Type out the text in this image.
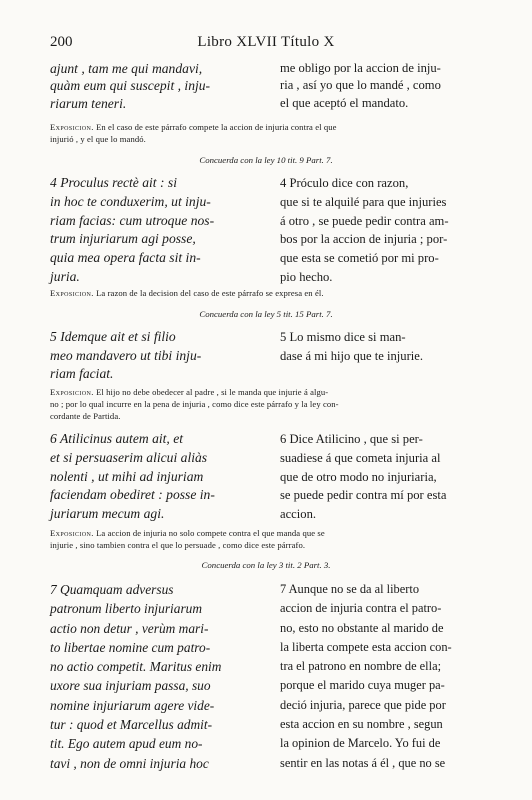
200	Libro XLVII Título X
ajunt , tam me qui mandavi,
quàm eum qui suscepit , inju-
riarum teneri.
me obligo por la accion de inju-
ria , así yo que lo mandé , como
el que aceptó el mandato.
Exposicion. En el caso de este párrafo compete la accion de injuria contra el que
injurió , y el que lo mandó.
Concuerda con la ley 10 tit. 9 Part. 7.
4 Proculus rectè ait : si
in hoc te conduxerim, ut inju-
riam facias: cum utroque nos-
trum injuriarum agi posse,
quia mea opera facta sit in-
juria.
4 Próculo dice con razon,
que si te alquilé para que injuries
á otro , se puede pedir contra am-
bos por la accion de injuria ; por-
que esta se cometió por mi pro-
pio hecho.
Exposicion. La razon de la decision del caso de este párrafo se expresa en él.
Concuerda con la ley 5 tit. 15 Part. 7.
5 Idemque ait et si filio
meo mandavero ut tibi inju-
riam faciat.
5 Lo mismo dice si man-
dase á mi hijo que te injurie.
Exposicion. El hijo no debe obedecer al padre , si le manda que injurie á algu-
no ; por lo qual incurre en la pena de injuria , como dice este párrafo y la ley con-
cordante de Partida.
6 Atilicinus autem ait, et
et si persuaserim alicui aliàs
nolenti , ut mihi ad injuriam
faciendam obediret : posse in-
juriarum mecum agi.
6 Dice Atilicino , que si per-
suadiese á que cometa injuria al
que de otro modo no injuriaria,
se puede pedir contra mí por esta
accion.
Exposicion. La accion de injuria no solo compete contra el que manda que se
injurie , sino tambien contra el que lo persuade , como dice este párrafo.
Concuerda con la ley 3 tit. 2 Part. 3.
7 Quamquam adversus
patronum liberto injuriarum
actio non detur , verùm mari-
to libertae nomine cum patro-
no actio competit. Maritus enim
uxore sua injuriam passa, suo
nomine injuriarum agere vide-
tur : quod et Marcellus admit-
tit. Ego autem apud eum no-
tavi , non de omni injuria hoc
7 Aunque no se da al liberto
accion de injuria contra el patro-
no, esto no obstante al marido de
la liberta compete esta accion con-
tra el patrono en nombre de ella;
porque el marido cuya muger pa-
deció injuria, parece que pide por
esta accion en su nombre , segun
la opinion de Marcelo. Yo fui de
sentir en las notas á él , que no se
